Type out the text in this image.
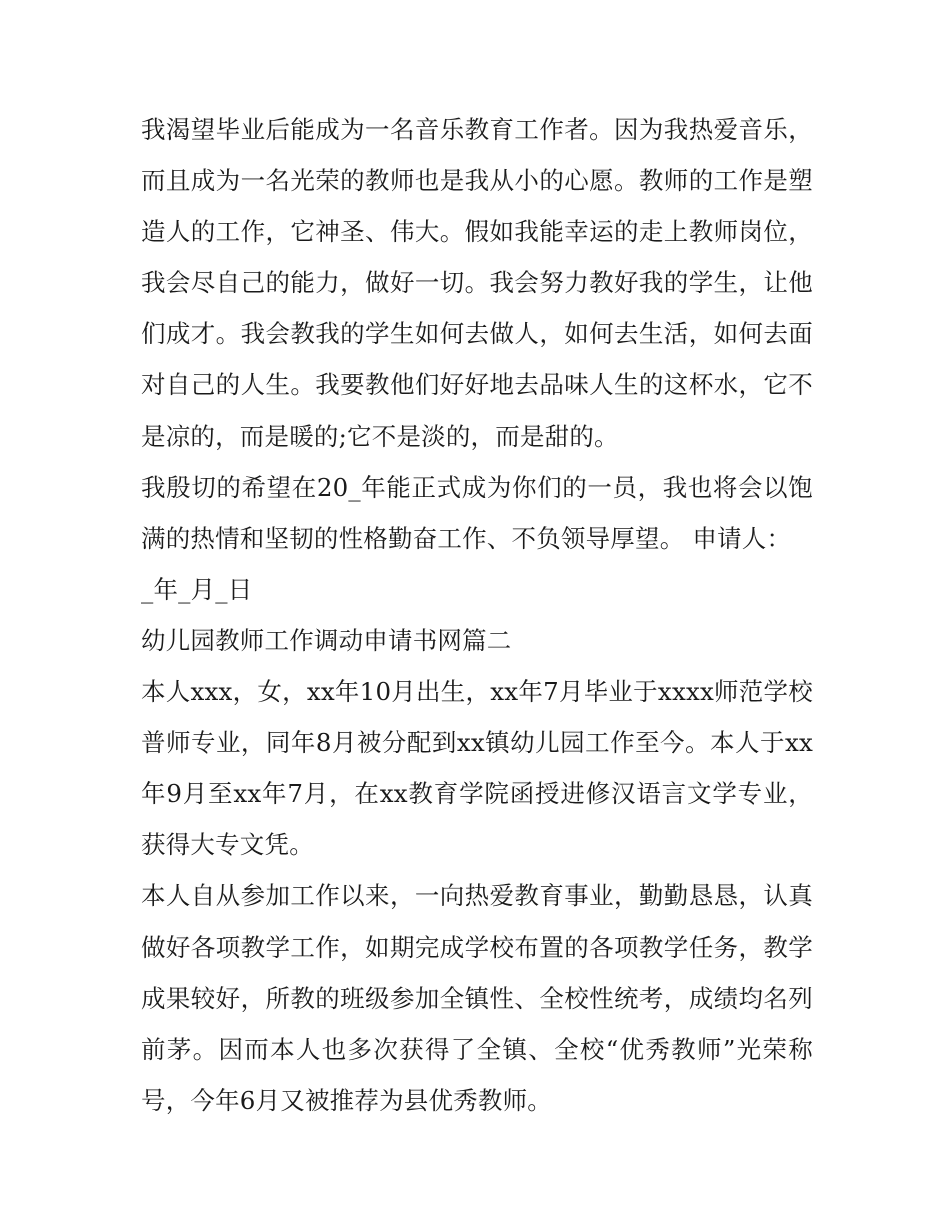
我渴望毕业后能成为一名音乐教育工作者。因为我热爱音乐，而且成为一名光荣的教师也是我从小的心愿。教师的工作是塑造人的工作，它神圣、伟大。假如我能幸运的走上教师岗位，我会尽自己的能力，做好一切。我会努力教好我的学生，让他们成才。我会教我的学生如何去做人，如何去生活，如何去面对自己的人生。我要教他们好好地去品味人生的这杯水，它不是凉的，而是暖的;它不是淡的，而是甜的。

我殷切的希望在20_年能正式成为你们的一员，我也将会以饱满的热情和坚韧的性格勤奋工作、不负领导厚望。 申请人：

_年_月_日

幼儿园教师工作调动申请书网篇二

本人xxx，女，xx年10月出生，xx年7月毕业于xxxx师范学校普师专业，同年8月被分配到xx镇幼儿园工作至今。本人于xx年9月至xx年7月，在xx教育学院函授进修汉语言文学专业，获得大专文凭。

本人自从参加工作以来，一向热爱教育事业，勤勤恳恳，认真做好各项教学工作，如期完成学校布置的各项教学任务，教学成果较好，所教的班级参加全镇性、全校性统考，成绩均名列前茅。因而本人也多次获得了全镇、全校“优秀教师”光荣称号，今年6月又被推荐为县优秀教师。
